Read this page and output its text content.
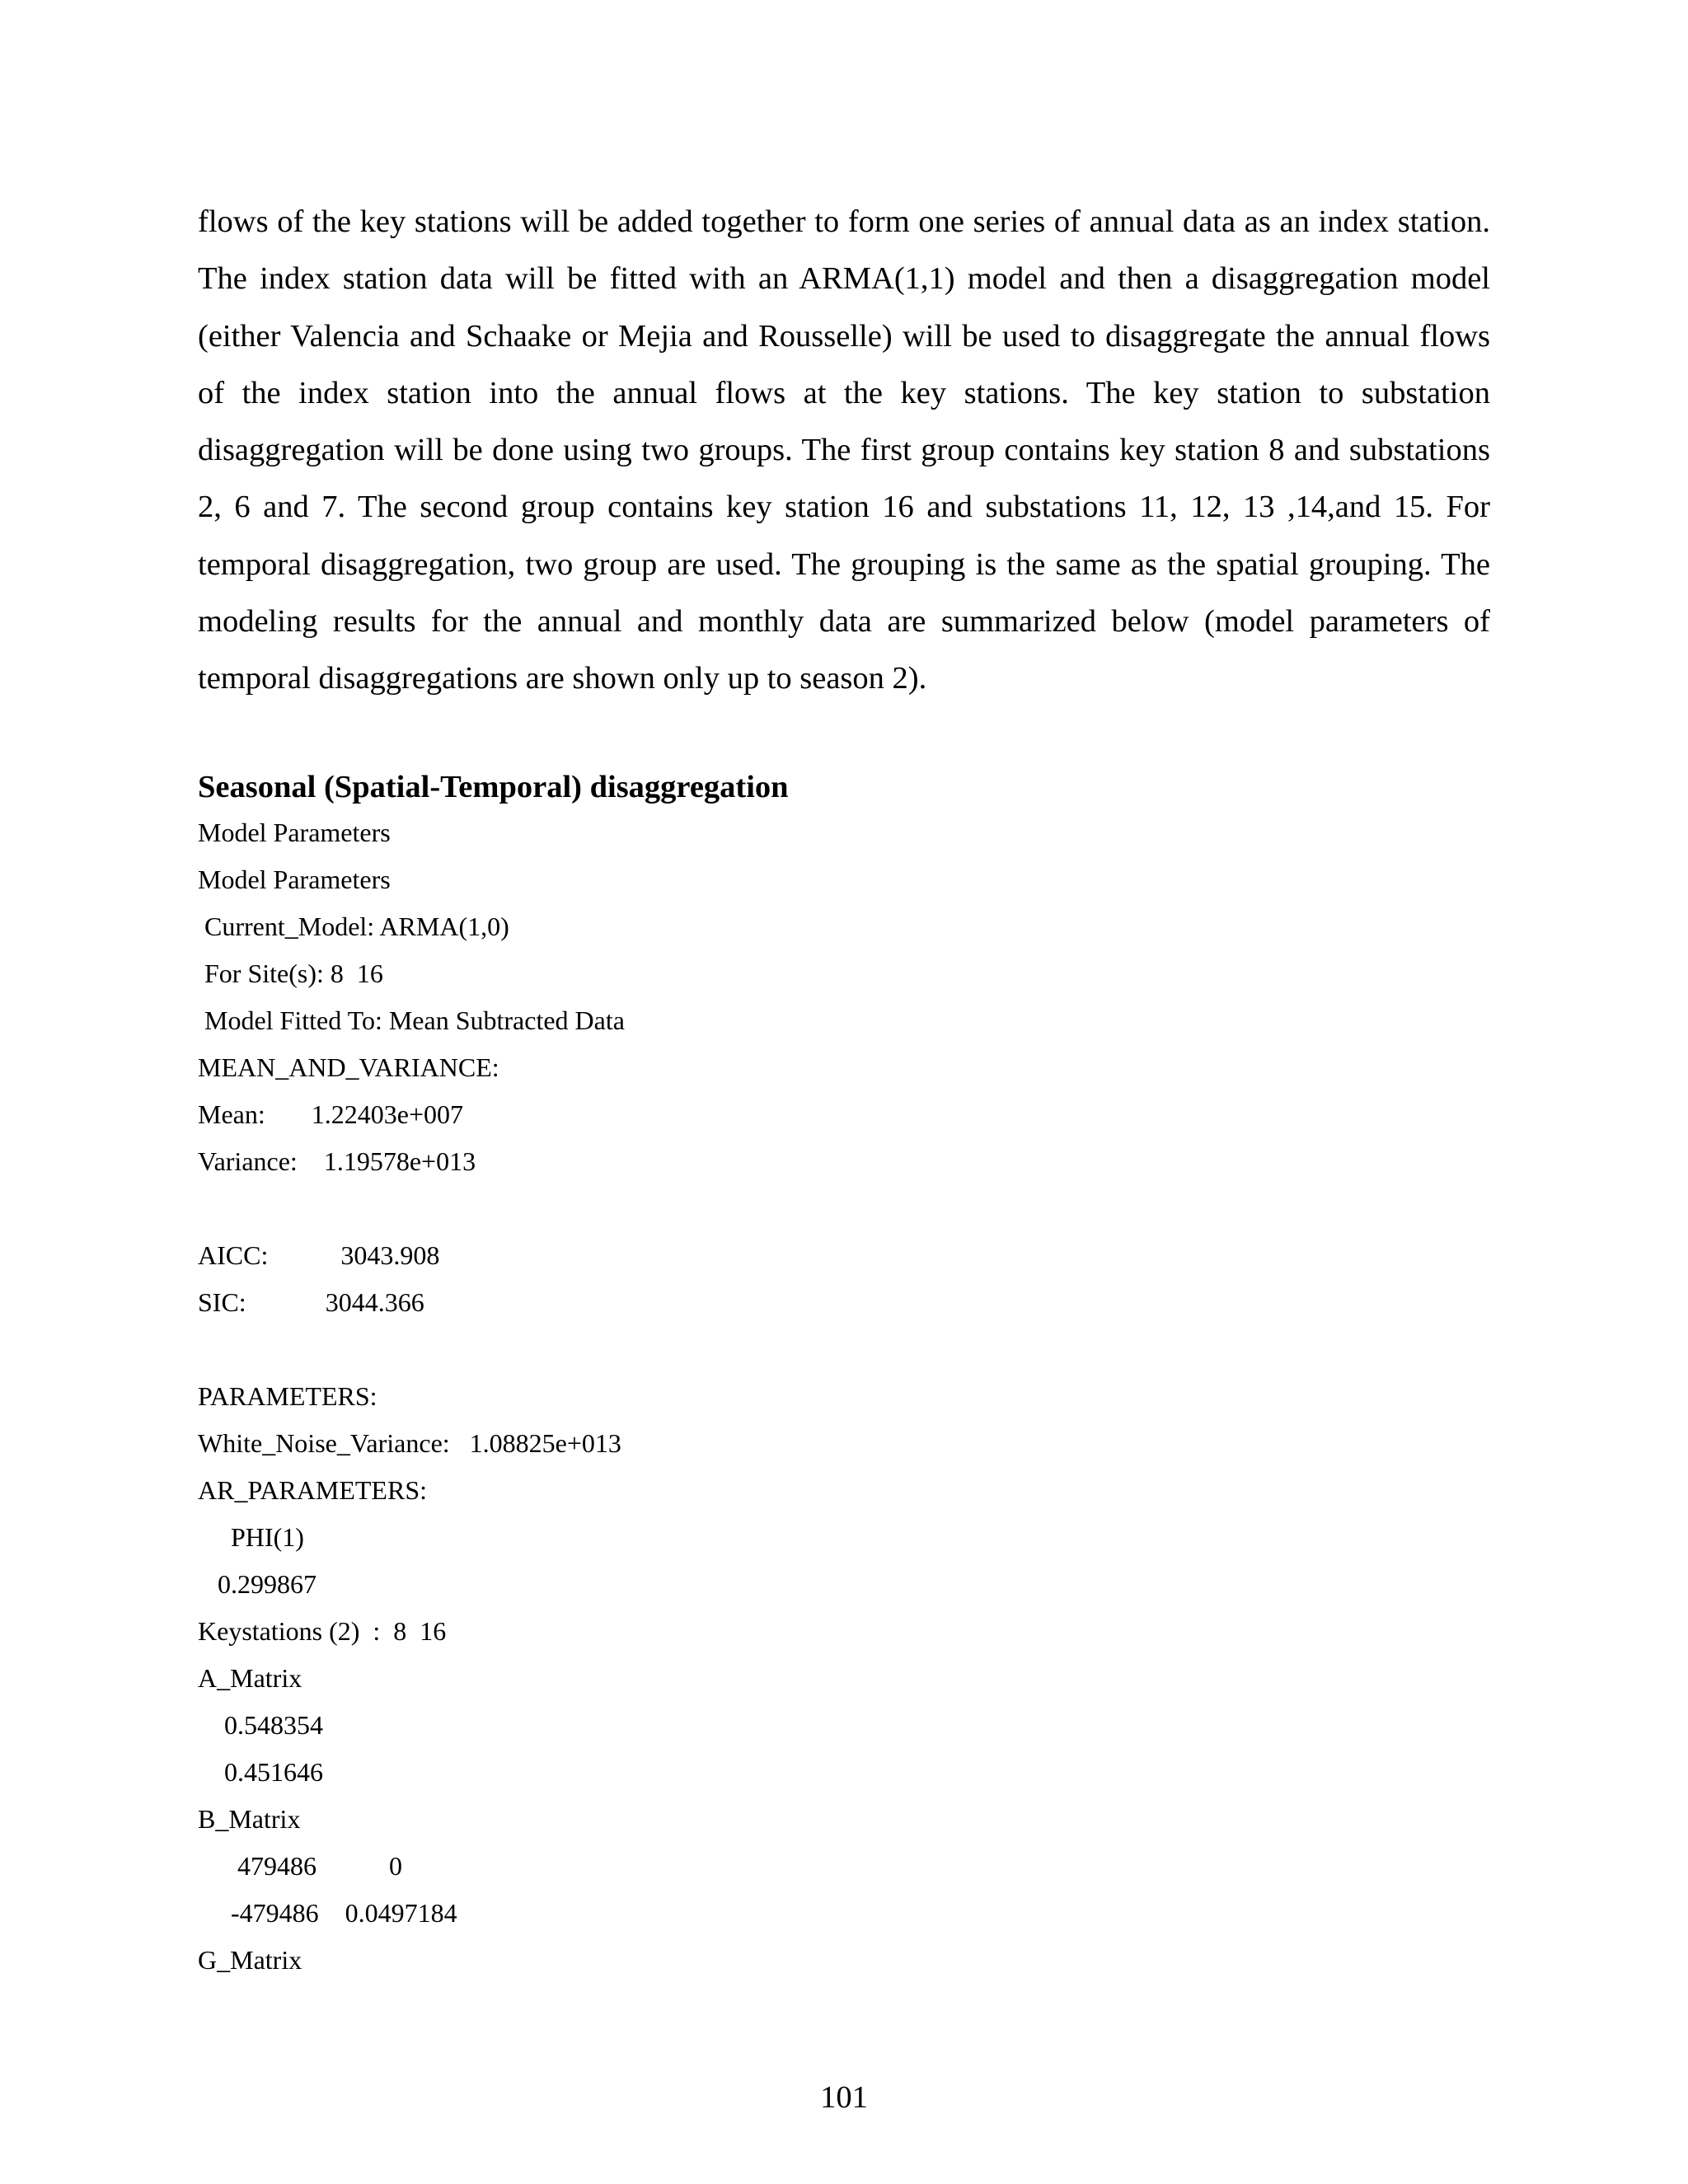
flows of the key stations will be added together to form one series of annual data as an index station. The index station data will be fitted with an ARMA(1,1) model and then a disaggregation model (either Valencia and Schaake or Mejia and Rousselle) will be used to disaggregate the annual flows of the index station into the annual flows at the key stations. The key station to substation disaggregation will be done using two groups. The first group contains key station 8 and substations 2, 6 and 7. The second group contains key station 16 and substations 11, 12, 13 ,14,and 15. For temporal disaggregation, two group are used. The grouping is the same as the spatial grouping. The modeling results for the annual and monthly data are summarized below (model parameters of temporal disaggregations are shown only up to season 2).

Seasonal (Spatial-Temporal) disaggregation
Model Parameters
Model Parameters
Current_Model: ARMA(1,0)
For Site(s): 8  16
Model Fitted To: Mean Subtracted Data
MEAN_AND_VARIANCE:
Mean:       1.22403e+007
Variance:    1.19578e+013
AICC:           3043.908
SIC:            3044.366
PARAMETERS:
White_Noise_Variance:   1.08825e+013
AR_PARAMETERS:
PHI(1)
0.299867
Keystations (2)  :  8  16
A_Matrix
0.548354
0.451646
B_Matrix
479486           0
-479486    0.0497184
G_Matrix
101
